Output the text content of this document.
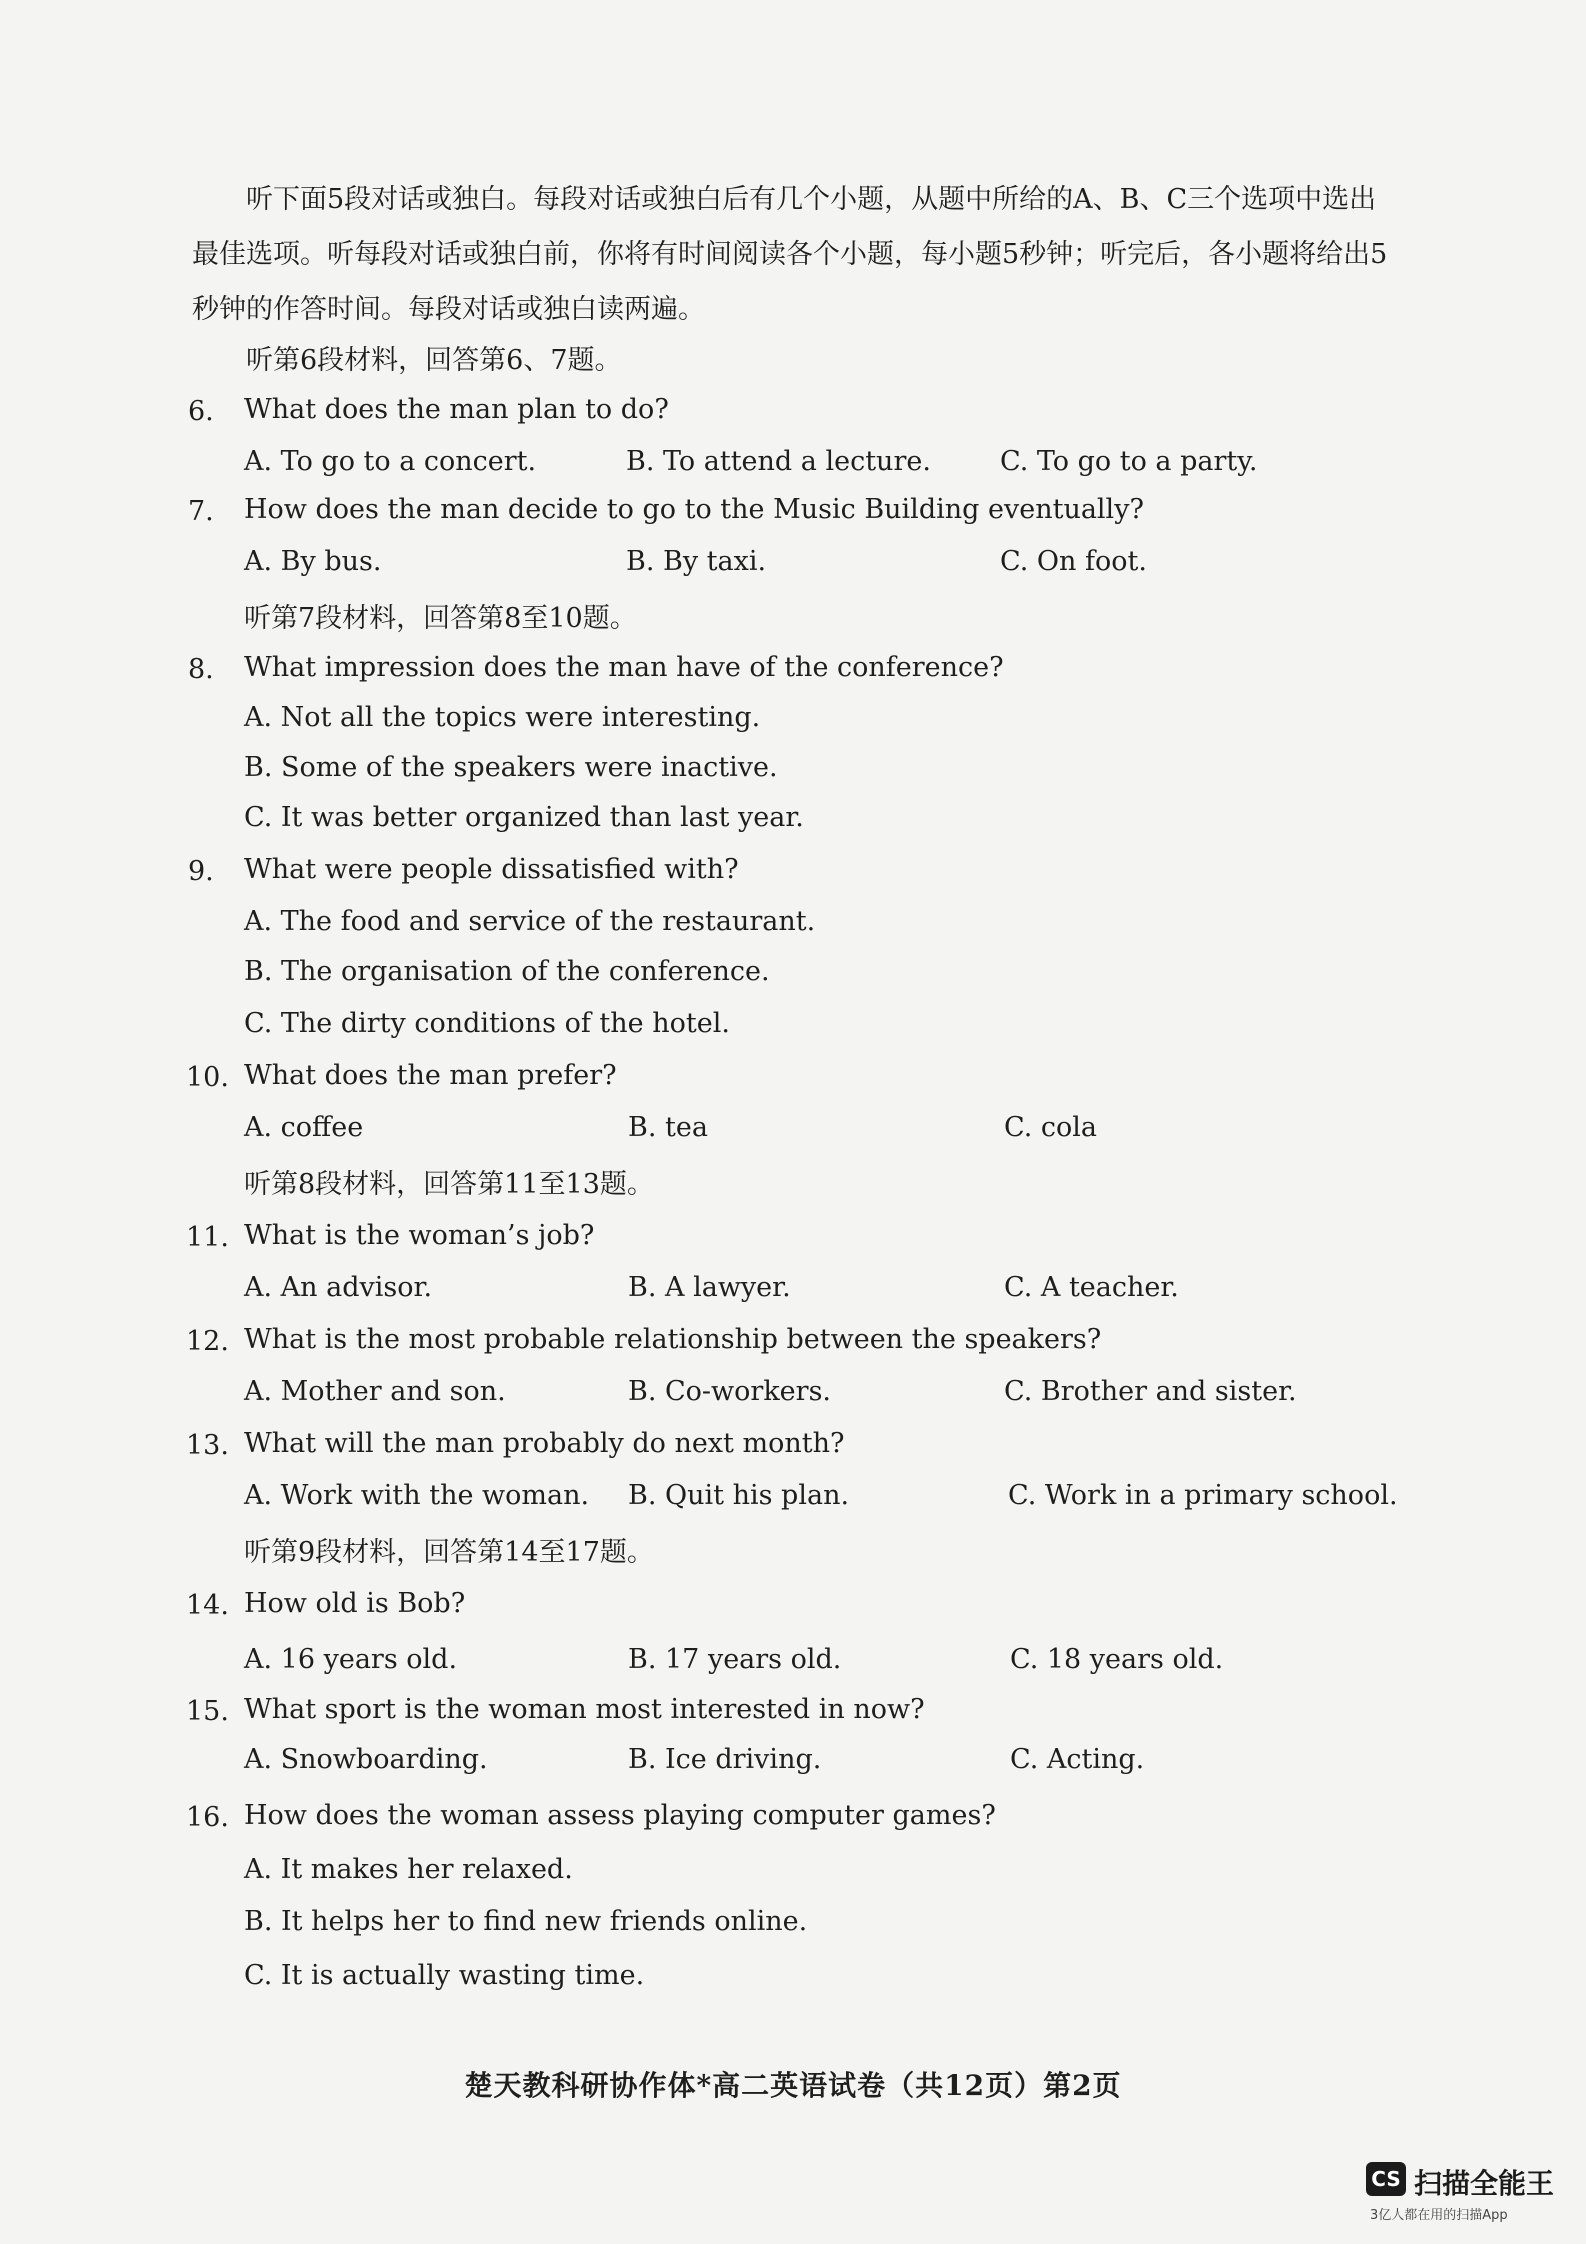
听下面5段对话或独白。每段对话或独白后有几个小题，从题中所给的A、B、C三个选项中选出最佳选项。听每段对话或独白前，你将有时间阅读各个小题，每小题5秒钟；听完后，各小题将给出5秒钟的作答时间。每段对话或独白读两遍。
听第6段材料，回答第6、7题。
6. What does the man plan to do?
A. To go to a concert.	B. To attend a lecture.	C. To go to a party.
7. How does the man decide to go to the Music Building eventually?
A. By bus.	B. By taxi.	C. On foot.
听第7段材料，回答第8至10题。
8. What impression does the man have of the conference?
A. Not all the topics were interesting.
B. Some of the speakers were inactive.
C. It was better organized than last year.
9. What were people dissatisfied with?
A. The food and service of the restaurant.
B. The organisation of the conference.
C. The dirty conditions of the hotel.
10. What does the man prefer?
A. coffee	B. tea	C. cola
听第8段材料，回答第11至13题。
11. What is the woman’s job?
A. An advisor.	B. A lawyer.	C. A teacher.
12. What is the most probable relationship between the speakers?
A. Mother and son.	B. Co-workers.	C. Brother and sister.
13. What will the man probably do next month?
A. Work with the woman. B. Quit his plan.	C. Work in a primary school.
听第9段材料，回答第14至17题。
14. How old is Bob?
A. 16 years old.	B. 17 years old.	C. 18 years old.
15. What sport is the woman most interested in now?
A. Snowboarding.	B. Ice driving.	C. Acting.
16. How does the woman assess playing computer games?
A. It makes her relaxed.
B. It helps her to find new friends online.
C. It is actually wasting time.
楚天教科研协作体*高二英语试卷（共12页）第2页
CS 扫描全能王
3亿人都在用的扫描App
